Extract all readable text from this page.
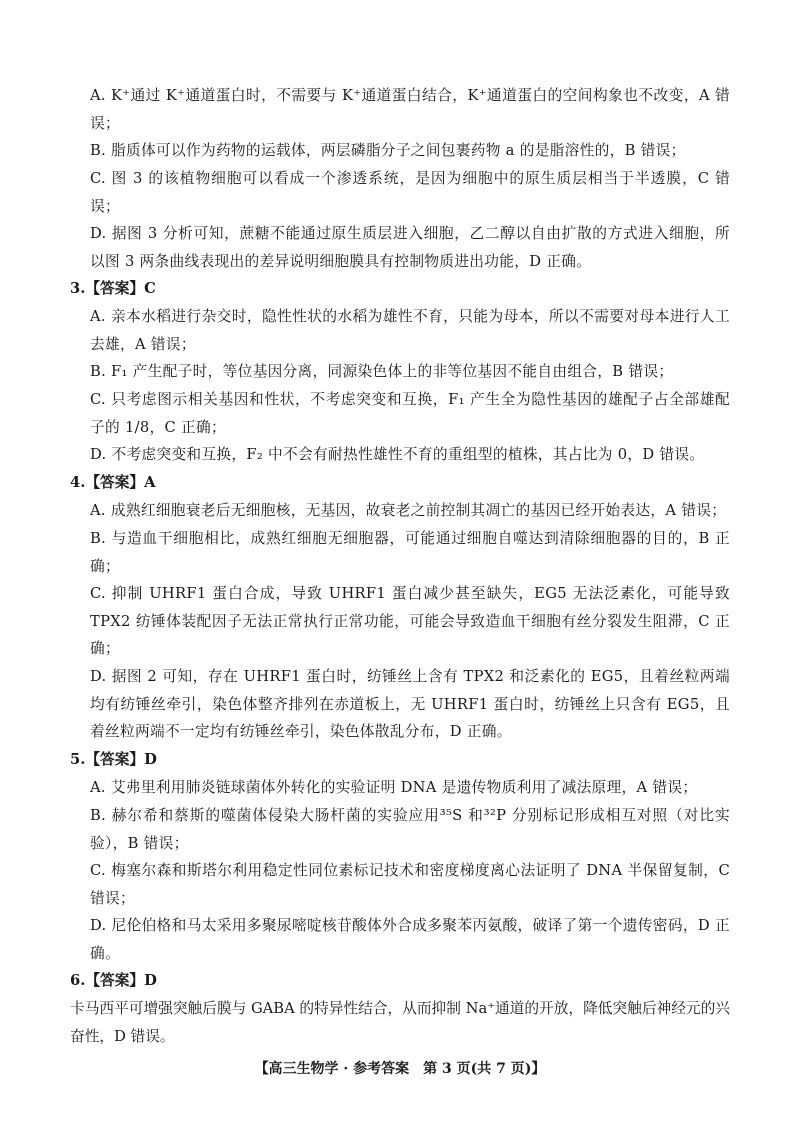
A. K⁺通过 K⁺通道蛋白时，不需要与 K⁺通道蛋白结合，K⁺通道蛋白的空间构象也不改变，A 错误；
B. 脂质体可以作为药物的运载体，两层磷脂分子之间包裹药物 a 的是脂溶性的，B 错误；
C. 图 3 的该植物细胞可以看成一个渗透系统，是因为细胞中的原生质层相当于半透膜，C 错误；
D. 据图 3 分析可知，蔗糖不能通过原生质层进入细胞，乙二醇以自由扩散的方式进入细胞，所以图 3 两条曲线表现出的差异说明细胞膜具有控制物质进出功能，D 正确。
3.【答案】C
A. 亲本水稻进行杂交时，隐性性状的水稻为雄性不育，只能为母本，所以不需要对母本进行人工去雄，A 错误；
B. F₁ 产生配子时，等位基因分离，同源染色体上的非等位基因不能自由组合，B 错误；
C. 只考虑图示相关基因和性状，不考虑突变和互换，F₁ 产生全为隐性基因的雄配子占全部雄配子的 1/8，C 正确；
D. 不考虑突变和互换，F₂ 中不会有耐热性雄性不育的重组型的植株，其占比为 0，D 错误。
4.【答案】A
A. 成熟红细胞衰老后无细胞核，无基因，故衰老之前控制其凋亡的基因已经开始表达，A 错误；
B. 与造血干细胞相比，成熟红细胞无细胞器，可能通过细胞自噬达到清除细胞器的目的，B 正确；
C. 抑制 UHRF1 蛋白合成，导致 UHRF1 蛋白减少甚至缺失，EG5 无法泛素化，可能导致 TPX2 纺锤体装配因子无法正常执行正常功能，可能会导致造血干细胞有丝分裂发生阻滞，C 正确；
D. 据图 2 可知，存在 UHRF1 蛋白时，纺锤丝上含有 TPX2 和泛素化的 EG5，且着丝粒两端均有纺锤丝牵引，染色体整齐排列在赤道板上，无 UHRF1 蛋白时，纺锤丝上只含有 EG5，且着丝粒两端不一定均有纺锤丝牵引，染色体散乱分布，D 正确。
5.【答案】D
A. 艾弗里利用肺炎链球菌体外转化的实验证明 DNA 是遗传物质利用了减法原理，A 错误；
B. 赫尔希和蔡斯的噬菌体侵染大肠杆菌的实验应用³⁵S 和³²P 分别标记形成相互对照（对比实验），B 错误；
C. 梅塞尔森和斯塔尔利用稳定性同位素标记技术和密度梯度离心法证明了 DNA 半保留复制，C 错误；
D. 尼伦伯格和马太采用多聚尿嘧啶核苷酸体外合成多聚苯丙氨酸，破译了第一个遗传密码，D 正确。
【高三生物学 · 参考答案　第 3 页(共 7 页)】
6.【答案】D
卡马西平可增强突触后膜与 GABA 的特异性结合，从而抑制 Na⁺通道的开放，降低突触后神经元的兴奋性，D 错误。
